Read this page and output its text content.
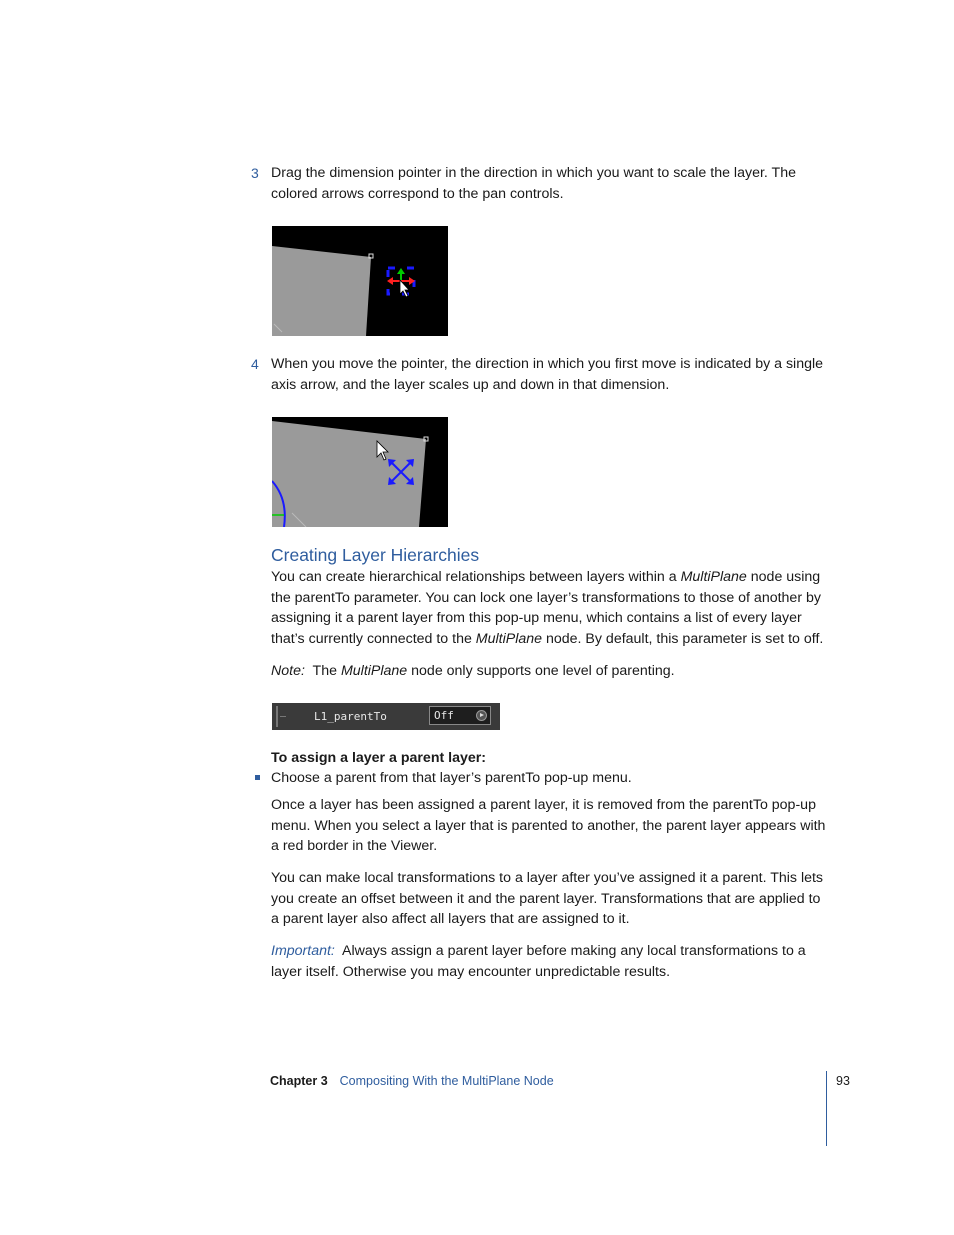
3 Drag the dimension pointer in the direction in which you want to scale the layer. The colored arrows correspond to the pan controls.
4 When you move the pointer, the direction in which you first move is indicated by a single axis arrow, and the layer scales up and down in that dimension.
Creating Layer Hierarchies
You can create hierarchical relationships between layers within a MultiPlane node using the parentTo parameter. You can lock one layer’s transformations to those of another by assigning it a parent layer from this pop-up menu, which contains a list of every layer that’s currently connected to the MultiPlane node. By default, this parameter is set to off.
Note:  The MultiPlane node only supports one level of parenting.
L1_parentTo	Off
To assign a layer a parent layer:
Choose a parent from that layer’s parentTo pop-up menu.
Once a layer has been assigned a parent layer, it is removed from the parentTo pop-up menu. When you select a layer that is parented to another, the parent layer appears with a red border in the Viewer.
You can make local transformations to a layer after you’ve assigned it a parent. This lets you create an offset between it and the parent layer. Transformations that are applied to a parent layer also affect all layers that are assigned to it.
Important:  Always assign a parent layer before making any local transformations to a layer itself. Otherwise you may encounter unpredictable results.
Chapter 3 Compositing With the MultiPlane Node	93
